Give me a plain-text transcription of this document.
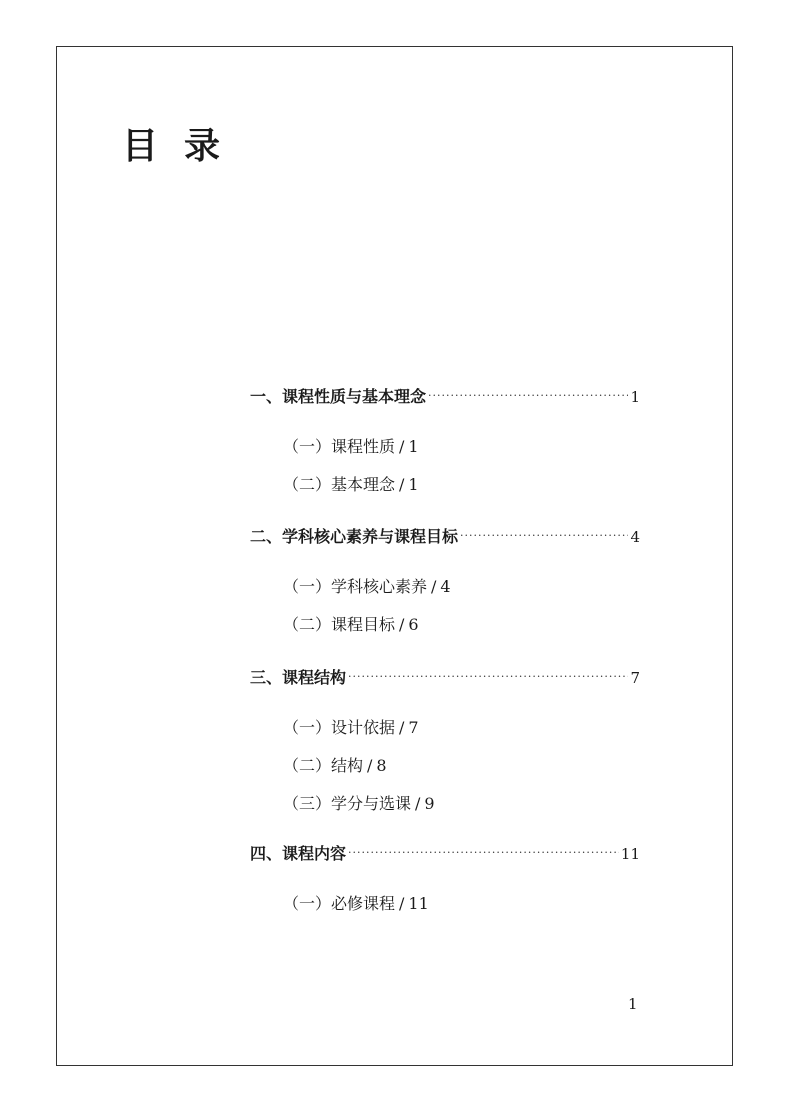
目录
一、课程性质与基本理念 ·····	1
（一）课程性质 / 1
（二）基本理念 / 1
二、学科核心素养与课程目标 ·····	4
（一）学科核心素养 / 4
（二）课程目标 / 6
三、课程结构 ·····	7
（一）设计依据 / 7
（二）结构 / 8
（三）学分与选课 / 9
四、课程内容 ·····	11
（一）必修课程 / 11
1
